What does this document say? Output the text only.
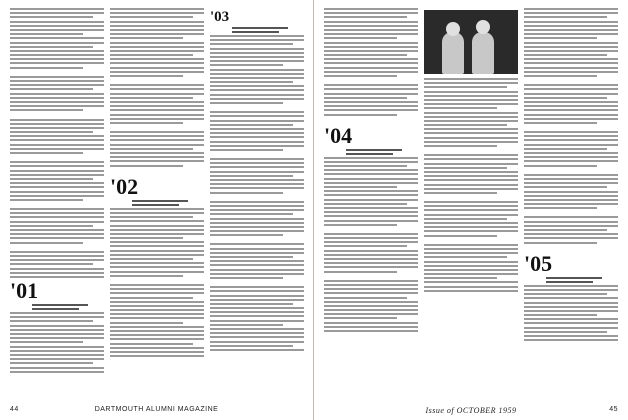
'01
'02
'03
44	DARTMOUTH ALUMNI MAGAZINE
'04
'05
Issue of OCTOBER 1959	45
